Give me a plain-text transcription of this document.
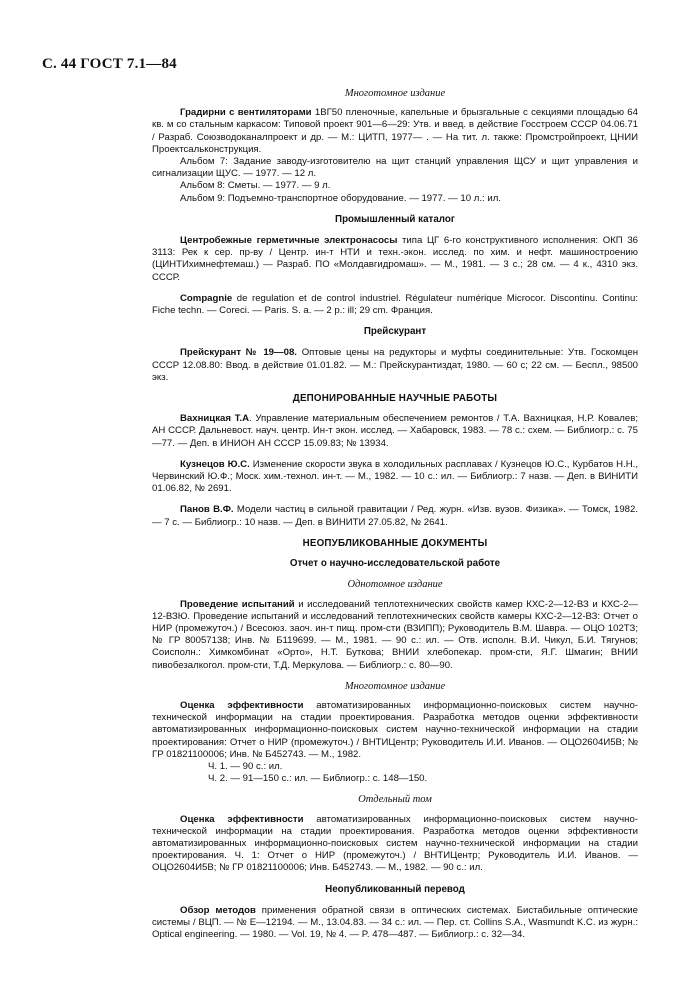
С. 44 ГОСТ 7.1—84
Многотомное издание

Градирни с вентиляторами 1ВГ50 пленочные, капельные и брызгальные с секциями площадью 64 кв. м со стальным каркасом: Типовой проект 901—6—29: Утв. и введ. в действие Госстроем СССР 04.06.71 / Разраб. Союзводоканалпроект и др. — М.: ЦИТП, 1977— . — На тит. л. также: Промстройпроект, ЦНИИ Проектсальконструкция.

Альбом 7: Задание заводу-изготовителю на щит станций управления ЩСУ и щит управления и сигнализации ЩУС. — 1977. — 12 л.

Альбом 8: Сметы. — 1977. — 9 л.

Альбом 9: Подъемно-транспортное оборудование. — 1977. — 10 л.: ил.

Промышленный каталог

Центробежные герметичные электронасосы типа ЦГ 6-го конструктивного исполнения: ОКП 36 3113: Рек к сер. пр-ву / Центр. ин-т НТИ и техн.-экон. исслед. по хим. и нефт. машиностроению (ЦИНТИхимнефтемаш.) — Разраб. ПО «Молдавгидромаш». — М., 1981. — 3 с.; 28 см. — 4 к., 4310 экз. СССР.

Compagnie de regulation et de control industriel. Régulateur numérique Microcor. Discontinu. Continu: Fiche techn. — Coreci. — Paris. S. a. — 2 p.: ill; 29 cm. Франция.

Прейскурант

Прейскурант № 19—08. Оптовые цены на редукторы и муфты соединительные: Утв. Госкомцен СССР 12.08.80: Ввод. в действие 01.01.82. — М.: Прейскурантиздат, 1980. — 60 с; 22 см. — Беспл., 98500 экз.

ДЕПОНИРОВАННЫЕ НАУЧНЫЕ РАБОТЫ

Вахницкая Т.А. Управление материальным обеспечением ремонтов / Т.А. Вахницкая, Н.Р. Ковалев; АН СССР. Дальневост. науч. центр. Ин-т экон. исслед. — Хабаровск, 1983. — 78 с.: схем. — Библиогр.: с. 75—77. — Деп. в ИНИОН АН СССР 15.09.83; № 13934.

Кузнецов Ю.С. Изменение скорости звука в холодильных расплавах / Кузнецов Ю.С., Курбатов Н.Н., Червинский Ю.Ф.; Моск. хим.-технол. ин-т. — М., 1982. — 10 с.: ил. — Библиогр.: 7 назв. — Деп. в ВИНИТИ 01.06.82, № 2691.

Панов В.Ф. Модели частиц в сильной гравитации / Ред. журн. «Изв. вузов. Физика». — Томск, 1982. — 7 с. — Библиогр.: 10 назв. — Деп. в ВИНИТИ 27.05.82, № 2641.

НЕОПУБЛИКОВАННЫЕ ДОКУМЕНТЫ
Отчет о научно-исследовательской работе
Однотомное издание

Проведение испытаний и исследований теплотехнических свойств камер КХС-2—12-ВЗ и КХС-2—12-ВЗЮ. Проведение испытаний и исследований теплотехнических свойств камеры КХС-2—12-ВЗ: Отчет о НИР (промежуточ.) / Всесоюз. заоч. ин-т пищ. пром-сти (ВЗИПП); Руководитель В.М. Шавра. — ОЦО 102ТЗ; № ГР 80057138; Инв. № Б119699. — М., 1981. — 90 с.: ил. — Отв. исполн. В.И. Чикул, Б.И. Тягунов; Соисполн.: Химкомбинат «Орто», Н.Т. Буткова; ВНИИ хлебопекар. пром-сти, Я.Г. Шмагин; ВНИИ пивобезалкогол. пром-сти, Т.Д. Меркулова. — Библиогр.: с. 80—90.

Многотомное издание

Оценка эффективности автоматизированных информационно-поисковых систем научно-технической информации на стадии проектирования. Разработка методов оценки эффективности автоматизированных информационно-поисковых систем научно-технической информации на стадии проектирования: Отчет о НИР (промежуточ.) / ВНТИЦентр; Руководитель И.И. Иванов. — ОЦО2604И5В; № ГР 01821100006; Инв. № Б452743. — М., 1982.

Ч. 1. — 90 с.: ил.

Ч. 2. — 91—150 с.: ил. — Библиогр.: с. 148—150.

Отдельный том

Оценка эффективности автоматизированных информационно-поисковых систем научно-технической информации на стадии проектирования. Разработка методов оценки эффективности автоматизированных информационно-поисковых систем научно-технической информации на стадии проектирования. Ч. 1: Отчет о НИР (промежуточ.) / ВНТИЦентр; Руководитель И.И. Иванов. — ОЦО2604И5В; № ГР 01821100006; Инв. Б452743. — М., 1982. — 90 с.: ил.

Неопубликованный перевод

Обзор методов применения обратной связи в оптических системах. Бистабильные оптические системы / ВЦП. — № Е—12194. — М., 13.04.83. — 34 с.: ил. — Пер. ст. Collins S.A., Wasmundt K.C. из журн.: Optical engineering. — 1980. — Vol. 19, № 4. — P. 478—487. — Библиогр.: с. 32—34.
